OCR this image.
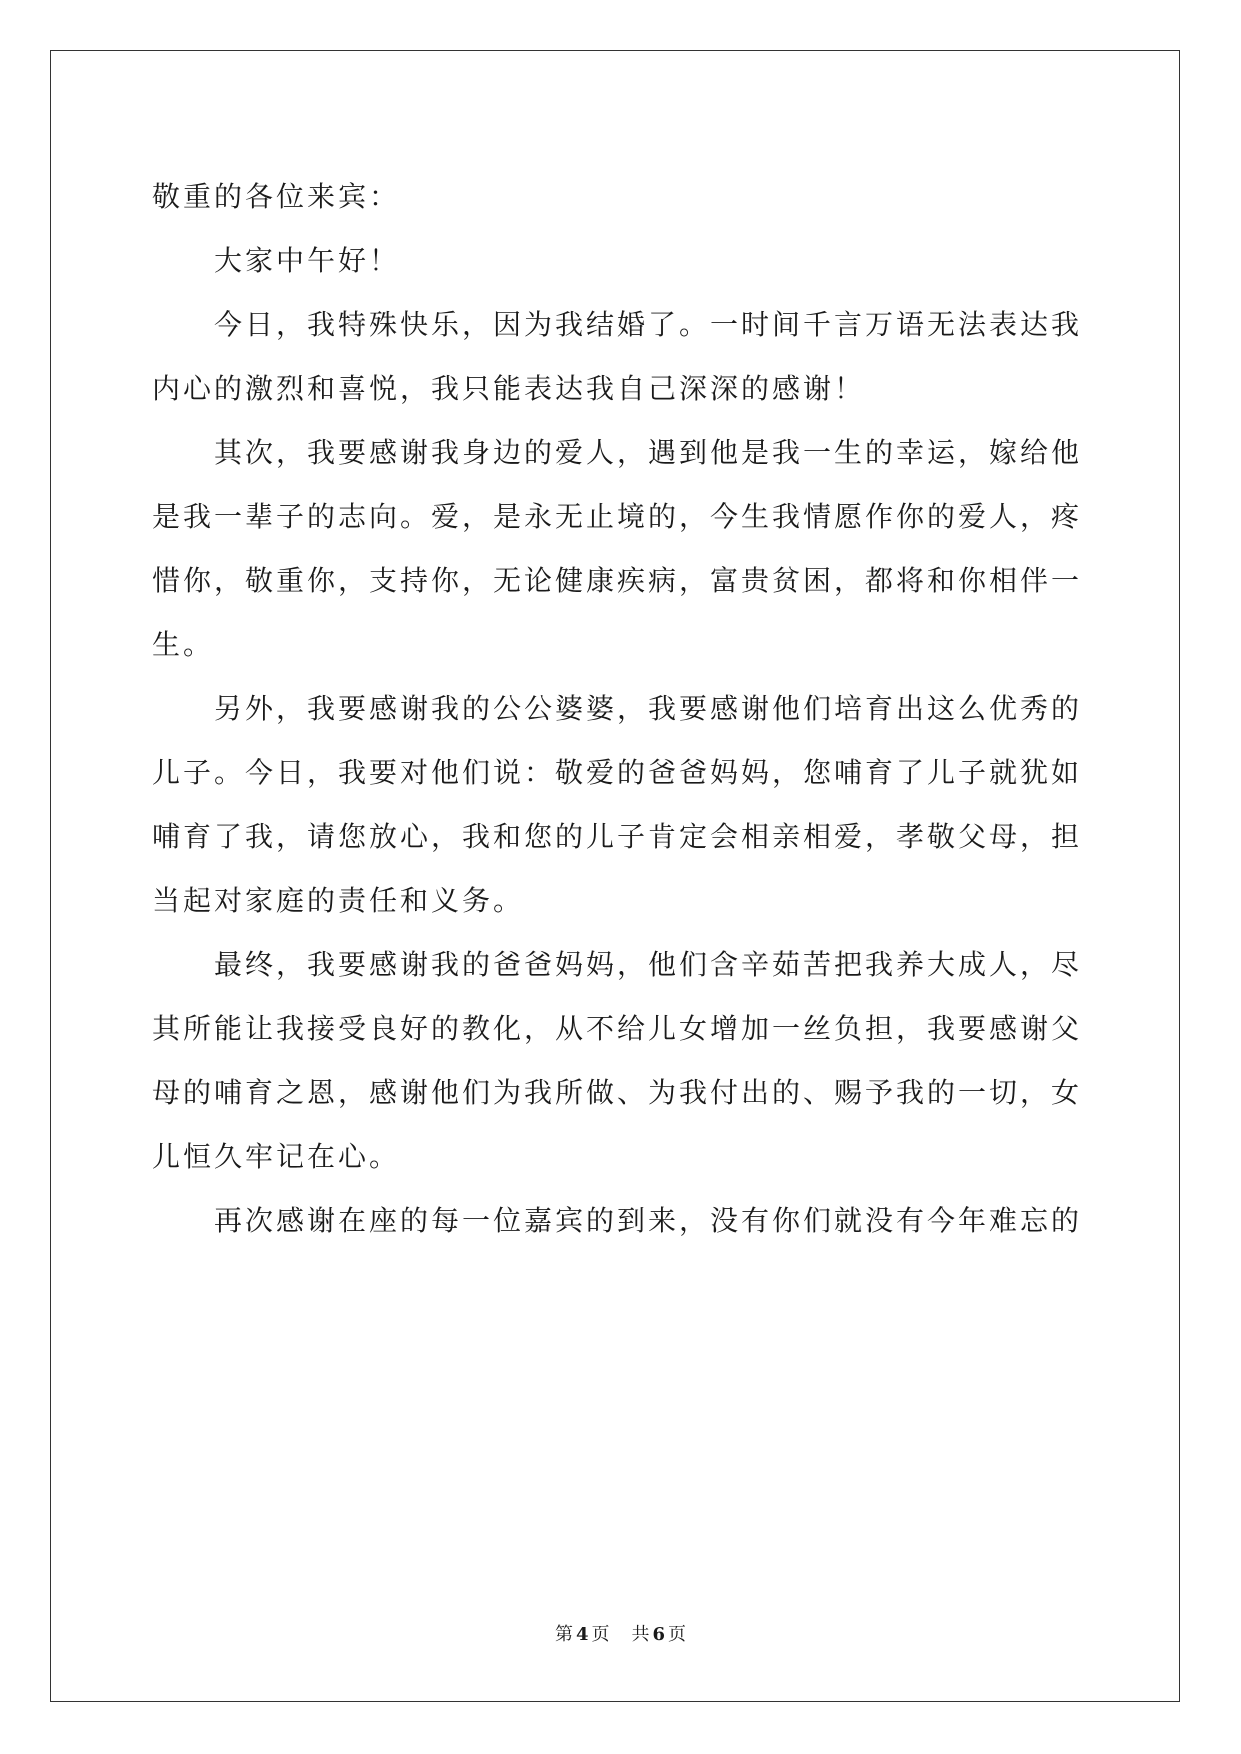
敬重的各位来宾：

大家中午好！

今日，我特殊快乐，因为我结婚了。一时间千言万语无法表达我内心的激烈和喜悦，我只能表达我自己深深的感谢！

其次，我要感谢我身边的爱人，遇到他是我一生的幸运，嫁给他是我一辈子的志向。爱，是永无止境的，今生我情愿作你的爱人，疼惜你，敬重你，支持你，无论健康疾病，富贵贫困，都将和你相伴一生。

另外，我要感谢我的公公婆婆，我要感谢他们培育出这么优秀的儿子。今日，我要对他们说：敬爱的爸爸妈妈，您哺育了儿子就犹如哺育了我，请您放心，我和您的儿子肯定会相亲相爱，孝敬父母，担当起对家庭的责任和义务。

最终，我要感谢我的爸爸妈妈，他们含辛茹苦把我养大成人，尽其所能让我接受良好的教化，从不给儿女增加一丝负担，我要感谢父母的哺育之恩，感谢他们为我所做、为我付出的、赐予我的一切，女儿恒久牢记在心。

再次感谢在座的每一位嘉宾的到来，没有你们就没有今年难忘的

第 4 页 共 6 页
